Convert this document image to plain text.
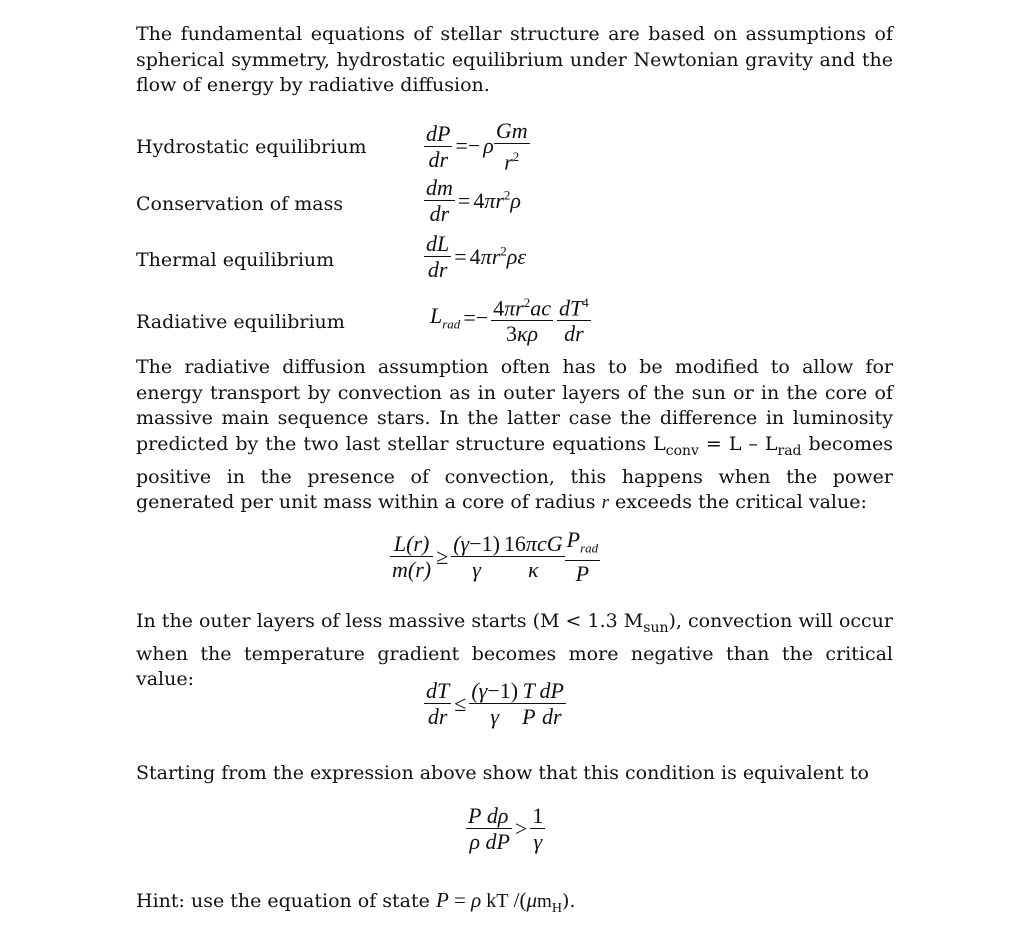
The fundamental equations of stellar structure are based on assumptions of spherical symmetry, hydrostatic equilibrium under Newtonian gravity and the flow of energy by radiative diffusion.
Hydrostatic equilibrium
Conservation of mass
Thermal equilibrium
Radiative equilibrium
$\frac{dP}{dr} =- \rho \frac{Gm}{r^2}$
$\frac{dm}{dr} = 4\pi r^2\rho$
$\frac{dL}{dr} = 4\pi r^2\rho\varepsilon$
$L_{rad} =- \frac{4\pi r^2ac}{3\kappa\rho} \frac{dT^4}{dr}$
The radiative diffusion assumption often has to be modified to allow for energy transport by convection as in outer layers of the sun or in the core of massive main sequence stars. In the latter case the difference in luminosity predicted by the two last stellar structure equations $L_{conv} = L - L_{rad}$ becomes positive in the presence of convection, this happens when the power generated per unit mass within a core of radius r exceeds the critical value:
$\frac{L(r)}{m(r)} \ge \frac{(\gamma-1)}{\gamma} \frac{\text{16πcG}}{\kappa} \frac{P_{rad}}{P}$
In the outer layers of less massive starts (M < 1.3 $M_{sun}$), convection will occur when the temperature gradient becomes more negative than the critical value:	$\frac{dT}{dr} \le \frac{(\gamma-1)}{\gamma} \frac{T}{P} \frac{dP}{dr}$
Starting from the expression above show that this condition is equivalent to
$\frac{P}{\rho} \frac{d\rho}{dP} > \frac{1}{\gamma}$
Hint: use the equation of state P = ρ kT $/(\mu m_H)$.
